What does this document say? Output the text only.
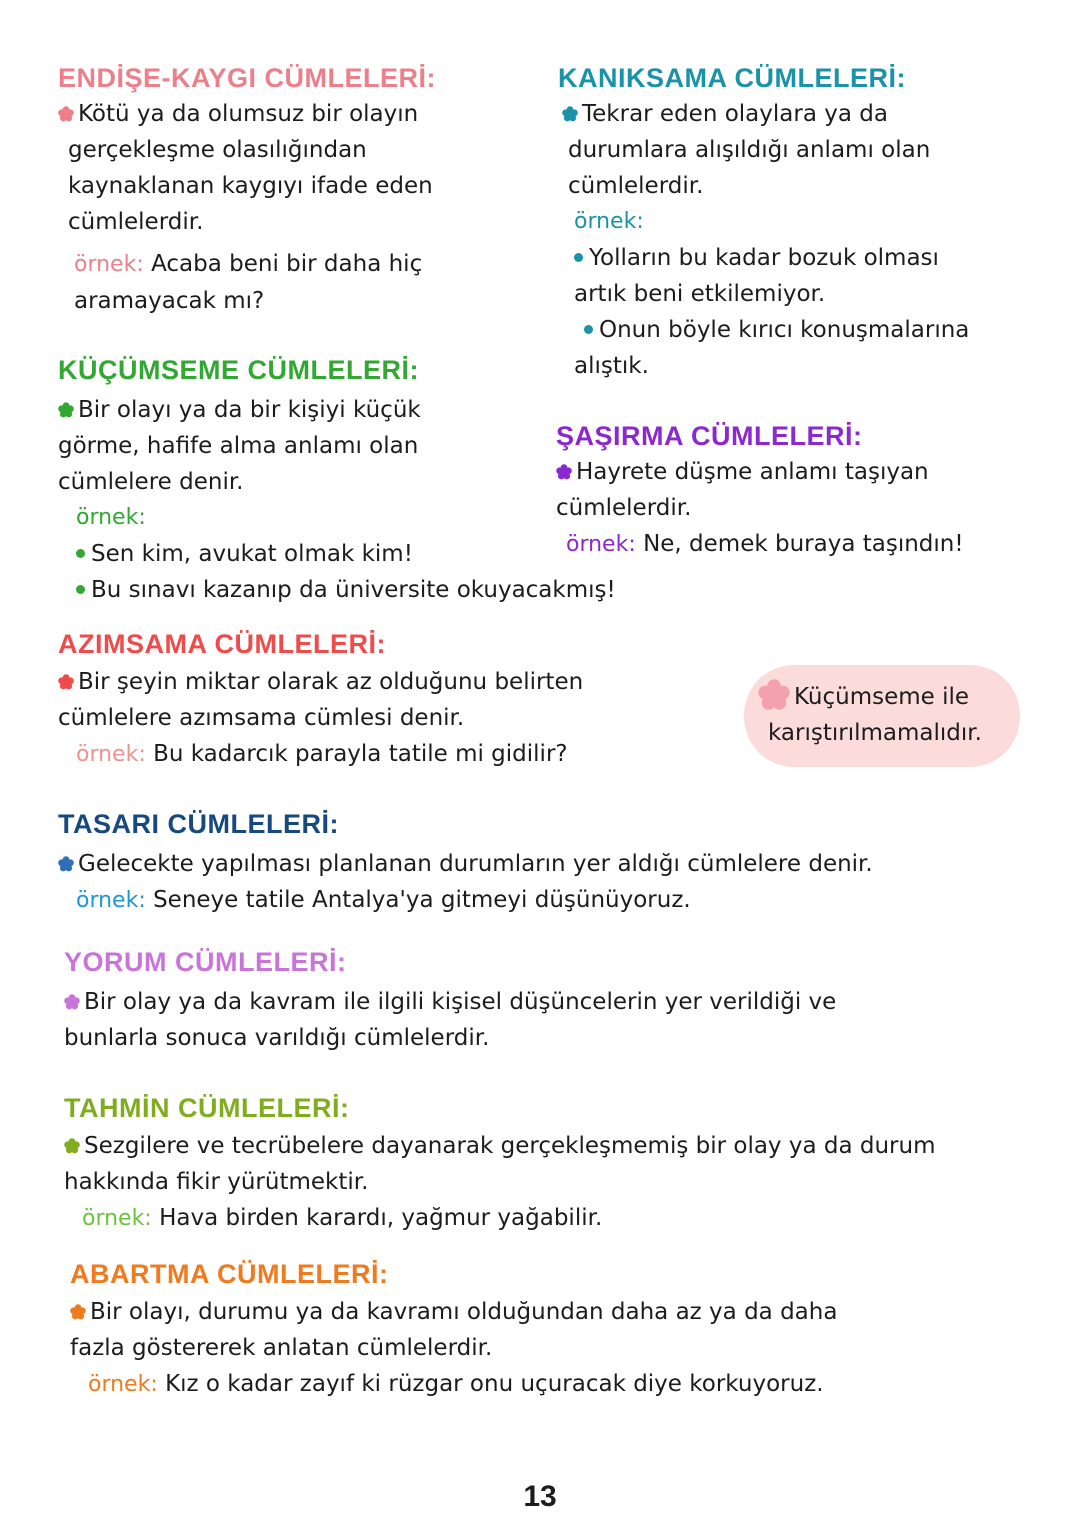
ENDİŞE-KAYGI CÜMLELERİ:
Kötü ya da olumsuz bir olayın
gerçekleşme olasılığından
kaynaklanan kaygıyı ifade eden
cümlelerdir.
örnek: Acaba beni bir daha hiç
aramayacak mı?
KANIKSAMA CÜMLELERİ:
Tekrar eden olaylara ya da
durumlara alışıldığı anlamı olan
cümlelerdir.
örnek:
Yolların bu kadar bozuk olması
artık beni etkilemiyor.
Onun böyle kırıcı konuşmalarına
alıştık.
KÜÇÜMSEME CÜMLELERİ:
Bir olayı ya da bir kişiyi küçük
görme, hafife alma anlamı olan
cümlelere denir.
örnek:
Sen kim, avukat olmak kim!
Bu sınavı kazanıp da üniversite okuyacakmış!
ŞAŞIRMA CÜMLELERİ:
Hayrete düşme anlamı taşıyan
cümlelerdir.
örnek: Ne, demek buraya taşındın!
AZIMSAMA CÜMLELERİ:
Bir şeyin miktar olarak az olduğunu belirten
cümlelere azımsama cümlesi denir.
örnek: Bu kadarcık parayla tatile mi gidilir?
Küçümseme ile
karıştırılmamalıdır.
TASARI CÜMLELERİ:
Gelecekte yapılması planlanan durumların yer aldığı cümlelere denir.
örnek: Seneye tatile Antalya'ya gitmeyi düşünüyoruz.
YORUM CÜMLELERİ:
Bir olay ya da kavram ile ilgili kişisel düşüncelerin yer verildiği ve
bunlarla sonuca varıldığı cümlelerdir.
TAHMİN CÜMLELERİ:
Sezgilere ve tecrübelere dayanarak gerçekleşmemiş bir olay ya da durum
hakkında fikir yürütmektir.
örnek: Hava birden karardı, yağmur yağabilir.
ABARTMA CÜMLELERİ:
Bir olayı, durumu ya da kavramı olduğundan daha az ya da daha
fazla göstererek anlatan cümlelerdir.
örnek: Kız o kadar zayıf ki rüzgar onu uçuracak diye korkuyoruz.
13
